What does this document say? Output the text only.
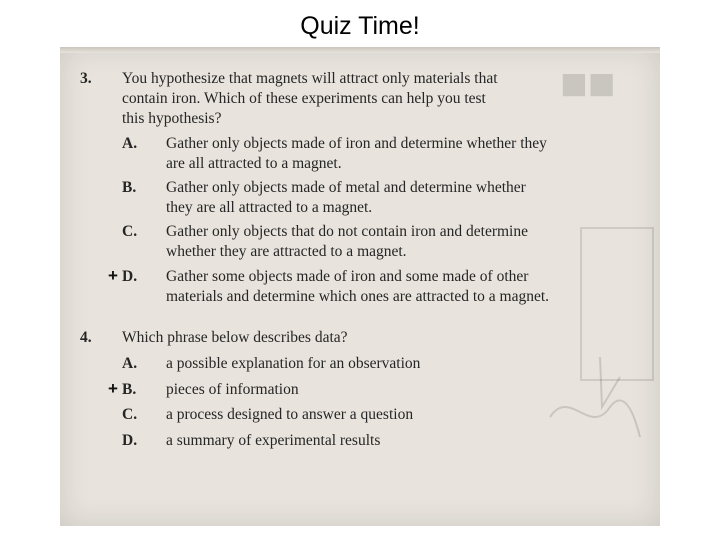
Quiz Time!
■■
3. You hypothesize that magnets will attract only materials that
contain iron. Which of these experiments can help you test
this hypothesis?
A. Gather only objects made of iron and determine whether they
are all attracted to a magnet.
B. Gather only objects made of metal and determine whether
they are all attracted to a magnet.
C. Gather only objects that do not contain iron and determine
whether they are attracted to a magnet.
+ D. Gather some objects made of iron and some made of other
materials and determine which ones are attracted to a magnet.
4. Which phrase below describes data?
A. a possible explanation for an observation
+ B. pieces of information
C. a process designed to answer a question
D. a summary of experimental results
